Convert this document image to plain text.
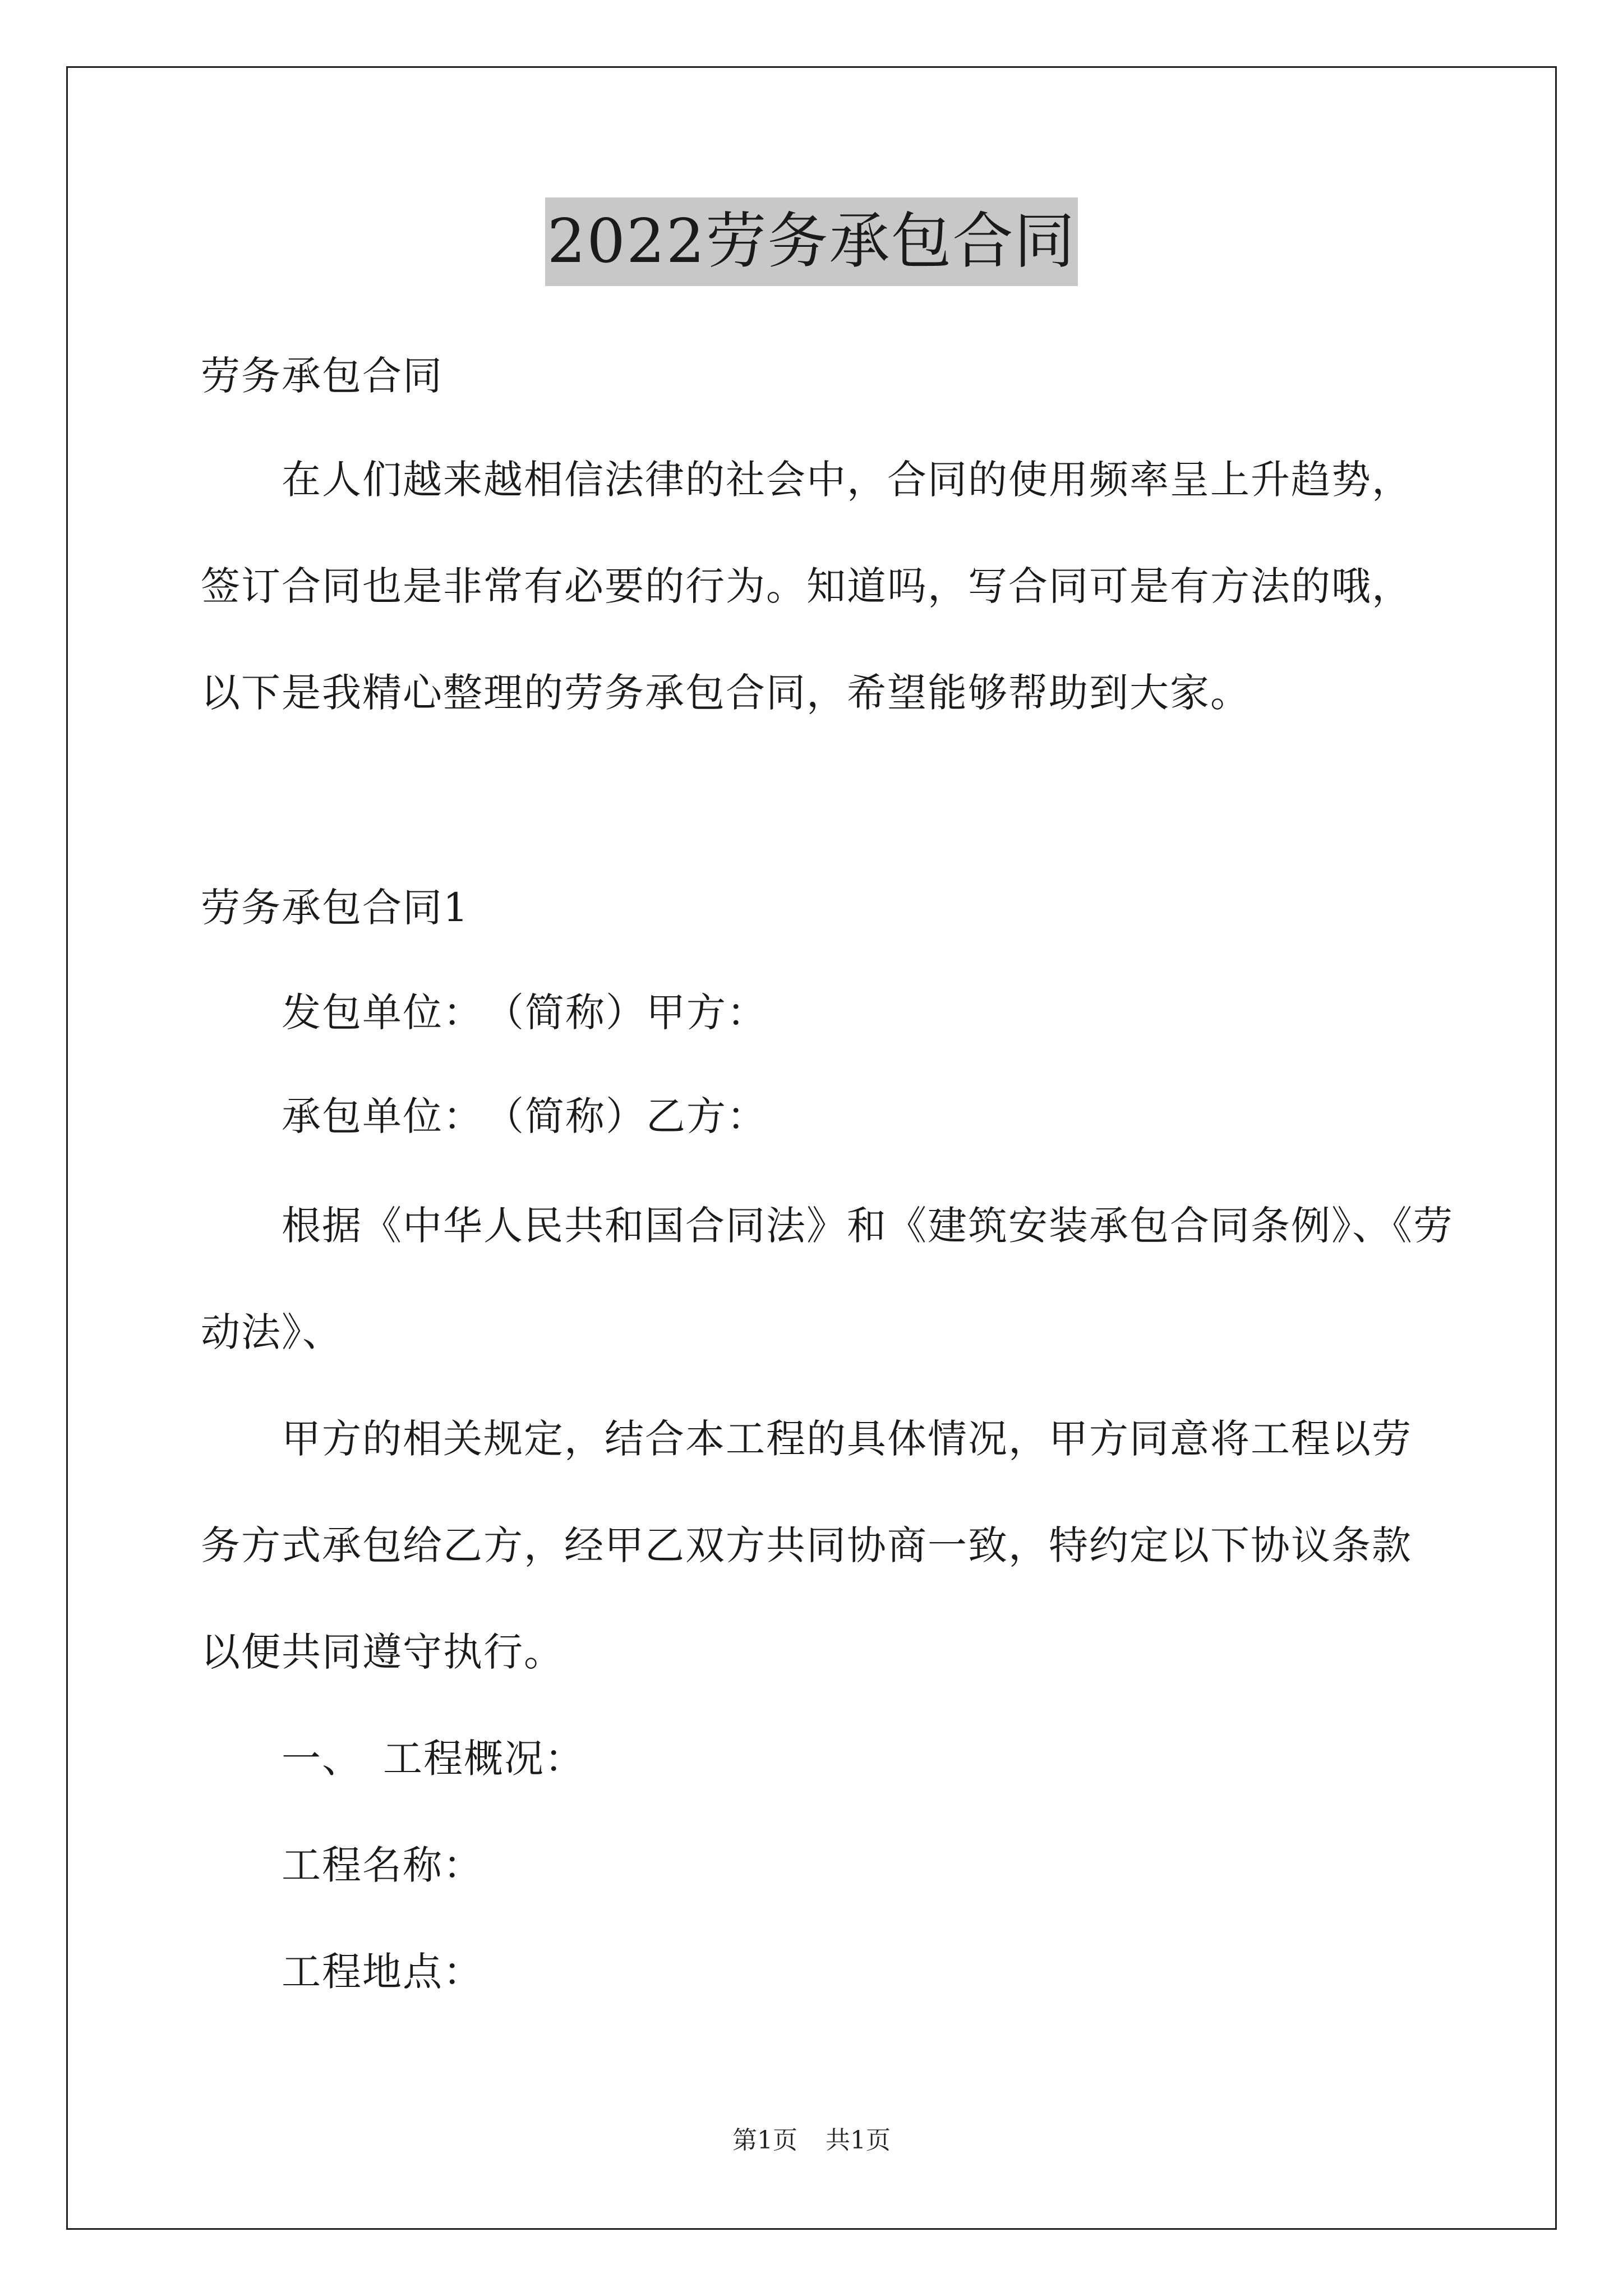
2022劳务承包合同
劳务承包合同
在人们越来越相信法律的社会中，合同的使用频率呈上升趋势，
签订合同也是非常有必要的行为。知道吗，写合同可是有方法的哦，
以下是我精心整理的劳务承包合同，希望能够帮助到大家。
劳务承包合同1
发包单位：　（简称）甲方：
承包单位：　（简称）乙方：
根据《中华人民共和国合同法》和《建筑安装承包合同条例》、《劳
动法》、
甲方的相关规定，结合本工程的具体情况，甲方同意将工程以劳
务方式承包给乙方，经甲乙双方共同协商一致，特约定以下协议条款
以便共同遵守执行。
一、　工程概况：
工程名称：
工程地点：
第1页 共1页
